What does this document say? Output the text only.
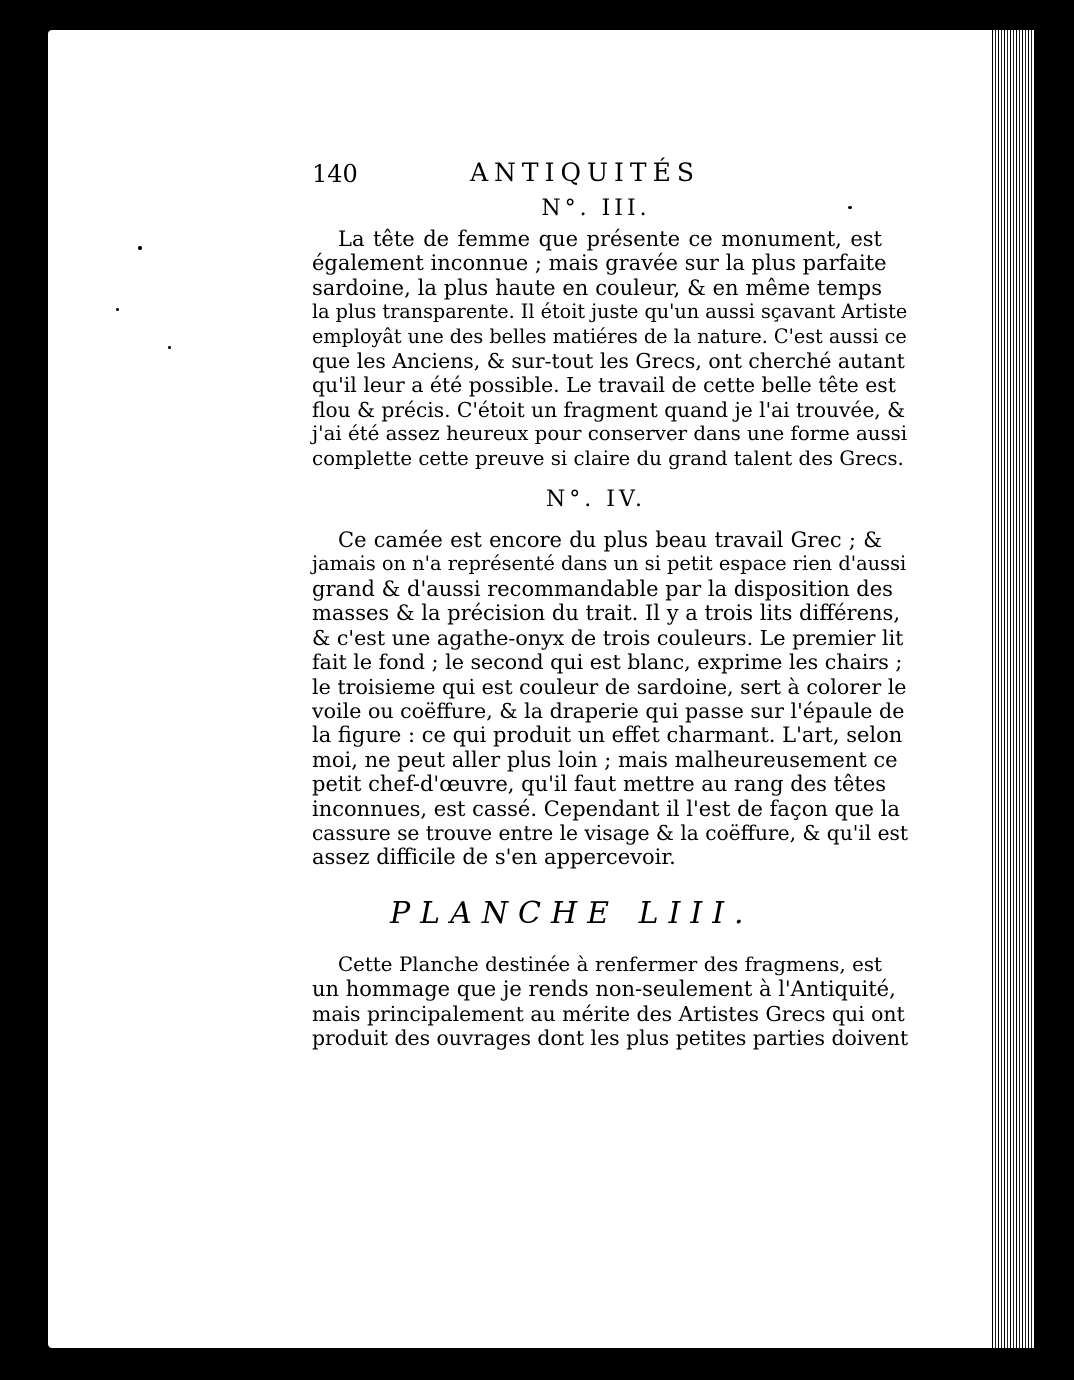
140	ANTIQUITÉS
N°. III.
La tête de femme que présente ce monument, est
également inconnue ; mais gravée sur la plus parfaite
sardoine, la plus haute en couleur, & en même temps
la plus transparente. Il étoit juste qu'un aussi sçavant Artiste
employât une des belles matiéres de la nature. C'est aussi ce
que les Anciens, & sur-tout les Grecs, ont cherché autant
qu'il leur a été possible. Le travail de cette belle tête est
flou & précis. C'étoit un fragment quand je l'ai trouvée, &
j'ai été assez heureux pour conserver dans une forme aussi
complette cette preuve si claire du grand talent des Grecs.
N°. IV.
Ce camée est encore du plus beau travail Grec ; &
jamais on n'a représenté dans un si petit espace rien d'aussi
grand & d'aussi recommandable par la disposition des
masses & la précision du trait. Il y a trois lits différens,
& c'est une agathe-onyx de trois couleurs. Le premier lit
fait le fond ; le second qui est blanc, exprime les chairs ;
le troisieme qui est couleur de sardoine, sert à colorer le
voile ou coëffure, & la draperie qui passe sur l'épaule de
la figure : ce qui produit un effet charmant. L'art, selon
moi, ne peut aller plus loin ; mais malheureusement ce
petit chef-d'œuvre, qu'il faut mettre au rang des têtes
inconnues, est cassé. Cependant il l'est de façon que la
cassure se trouve entre le visage & la coëffure, & qu'il est
assez difficile de s'en appercevoir.
PLANCHE LIII.
Cette Planche destinée à renfermer des fragmens, est
un hommage que je rends non-seulement à l'Antiquité,
mais principalement au mérite des Artistes Grecs qui ont
produit des ouvrages dont les plus petites parties doivent
